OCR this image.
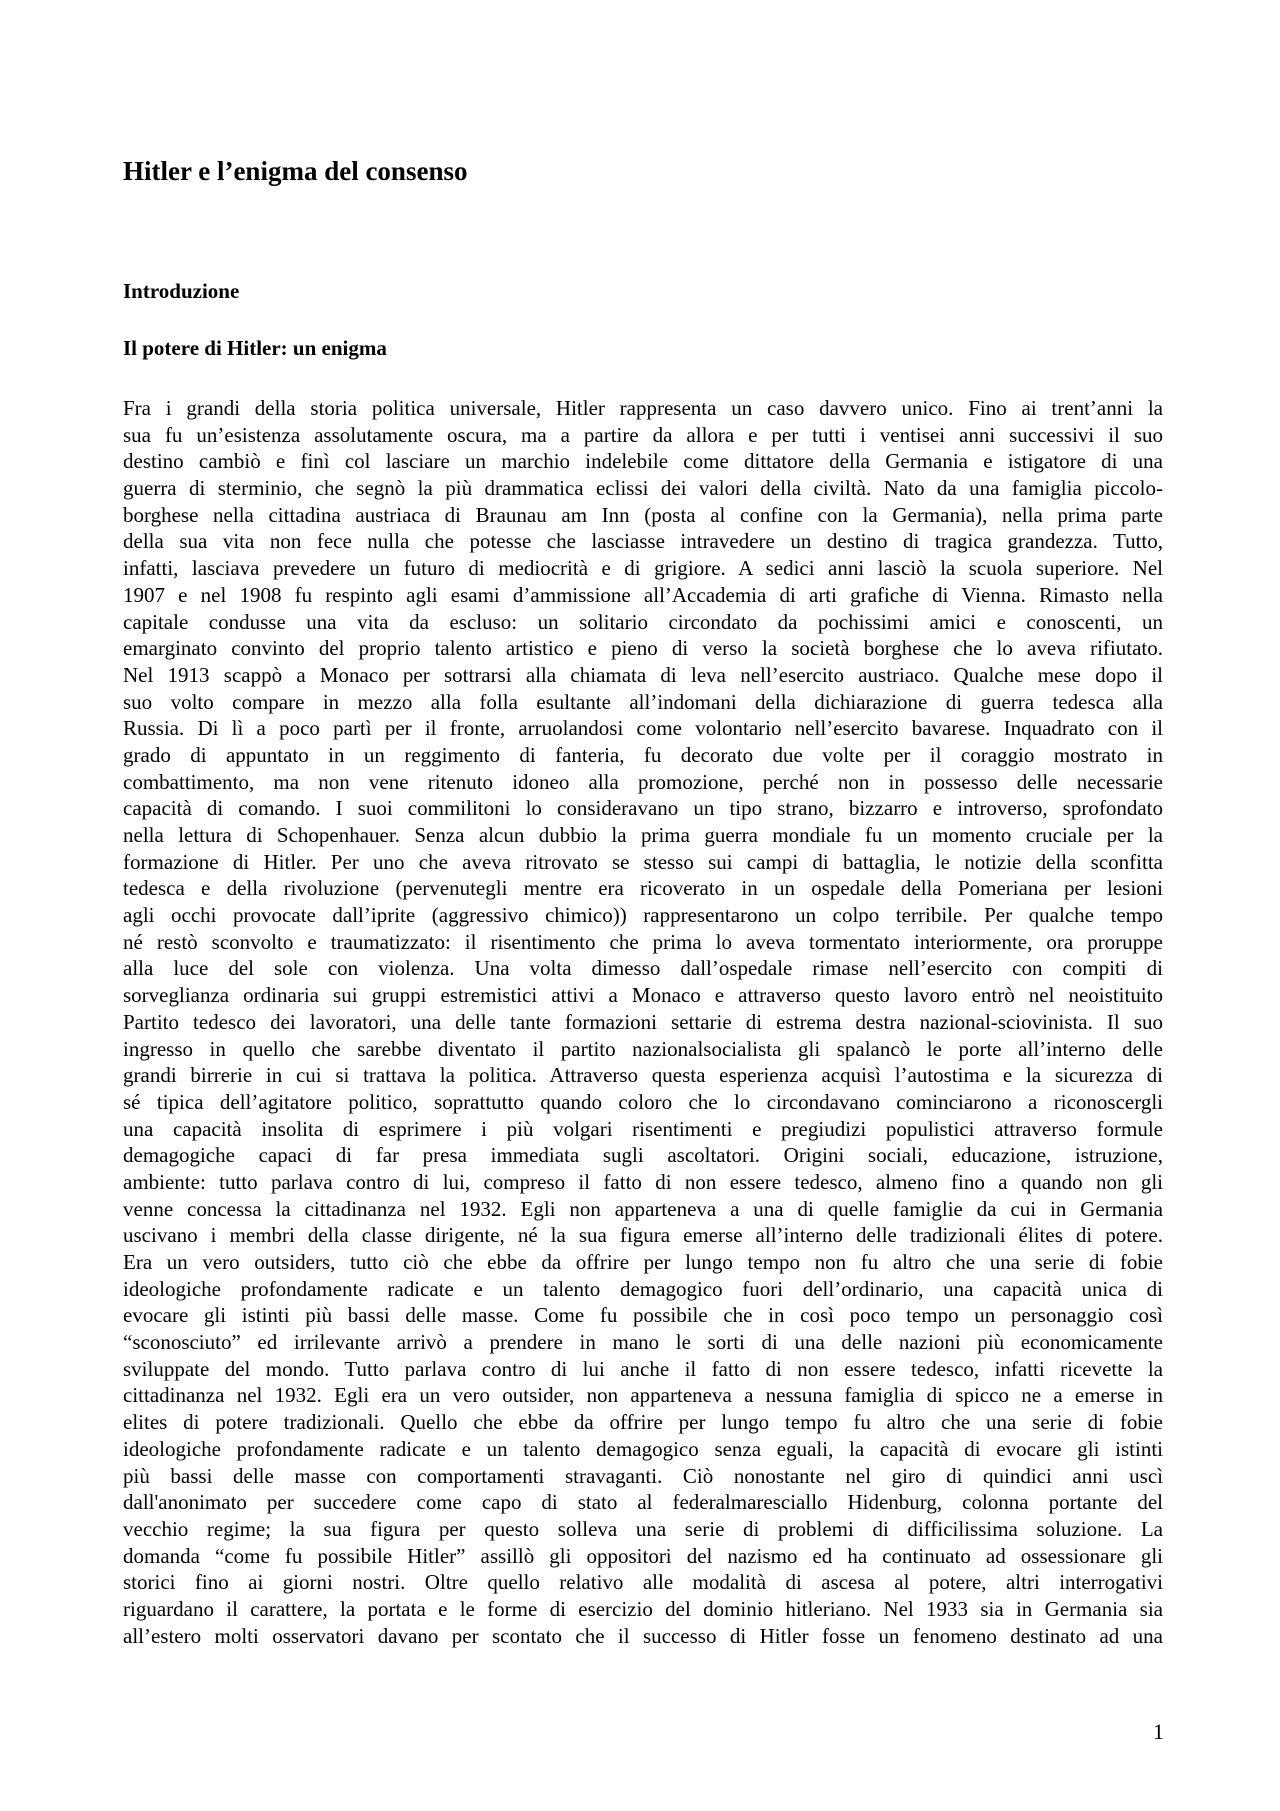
Hitler e l’enigma del consenso
Introduzione
Il potere di Hitler: un enigma
Fra i grandi della storia politica universale, Hitler rappresenta un caso davvero unico. Fino ai trent’anni la
sua fu un’esistenza assolutamente oscura, ma a partire da allora e per tutti i ventisei anni successivi il suo
destino cambiò e finì col lasciare un marchio indelebile come dittatore della Germania e istigatore di una
guerra di sterminio, che segnò la più drammatica eclissi dei valori della civiltà. Nato da una famiglia piccolo-
borghese nella cittadina austriaca di Braunau am Inn (posta al confine con la Germania), nella prima parte
della sua vita non fece nulla che potesse che lasciasse intravedere un destino di tragica grandezza. Tutto,
infatti, lasciava prevedere un futuro di mediocrità e di grigiore. A sedici anni lasciò la scuola superiore. Nel
1907 e nel 1908 fu respinto agli esami d’ammissione all’Accademia di arti grafiche di Vienna. Rimasto nella
capitale condusse una vita da escluso: un solitario circondato da pochissimi amici e conoscenti, un
emarginato convinto del proprio talento artistico e pieno di verso la società borghese che lo aveva rifiutato.
Nel 1913 scappò a Monaco per sottrarsi alla chiamata di leva nell’esercito austriaco. Qualche mese dopo il
suo volto compare in mezzo alla folla esultante all’indomani della dichiarazione di guerra tedesca alla
Russia. Di lì a poco partì per il fronte, arruolandosi come volontario nell’esercito bavarese. Inquadrato con il
grado di appuntato in un reggimento di fanteria, fu decorato due volte per il coraggio mostrato in
combattimento, ma non vene ritenuto idoneo alla promozione, perché non in possesso delle necessarie
capacità di comando. I suoi commilitoni lo consideravano un tipo strano, bizzarro e introverso, sprofondato
nella lettura di Schopenhauer. Senza alcun dubbio la prima guerra mondiale fu un momento cruciale per la
formazione di Hitler. Per uno che aveva ritrovato se stesso sui campi di battaglia, le notizie della sconfitta
tedesca e della rivoluzione (pervenutegli mentre era ricoverato in un ospedale della Pomeriana per lesioni
agli occhi provocate dall’iprite (aggressivo chimico)) rappresentarono un colpo terribile. Per qualche tempo
né restò sconvolto e traumatizzato: il risentimento che prima lo aveva tormentato interiormente, ora proruppe
alla luce del sole con violenza. Una volta dimesso dall’ospedale rimase nell’esercito con compiti di
sorveglianza ordinaria sui gruppi estremistici attivi a Monaco e attraverso questo lavoro entrò nel neoistituito
Partito tedesco dei lavoratori, una delle tante formazioni settarie di estrema destra nazional-sciovinista. Il suo
ingresso in quello che sarebbe diventato il partito nazionalsocialista gli spalancò le porte all’interno delle
grandi birrerie in cui si trattava la politica. Attraverso questa esperienza acquisì l’autostima e la sicurezza di
sé tipica dell’agitatore politico, soprattutto quando coloro che lo circondavano cominciarono a riconoscergli
una capacità insolita di esprimere i più volgari risentimenti e pregiudizi populistici attraverso formule
demagogiche capaci di far presa immediata sugli ascoltatori. Origini sociali, educazione, istruzione,
ambiente: tutto parlava contro di lui, compreso il fatto di non essere tedesco, almeno fino a quando non gli
venne concessa la cittadinanza nel 1932. Egli non apparteneva a una di quelle famiglie da cui in Germania
uscivano i membri della classe dirigente, né la sua figura emerse all’interno delle tradizionali élites di potere.
Era un vero outsiders, tutto ciò che ebbe da offrire per lungo tempo non fu altro che una serie di fobie
ideologiche profondamente radicate e un talento demagogico fuori dell’ordinario, una capacità unica di
evocare gli istinti più bassi delle masse. Come fu possibile che in così poco tempo un personaggio così
“sconosciuto” ed irrilevante arrivò a prendere in mano le sorti di una delle nazioni più economicamente
sviluppate del mondo. Tutto parlava contro di lui anche il fatto di non essere tedesco, infatti ricevette la
cittadinanza nel 1932. Egli era un vero outsider, non apparteneva a nessuna famiglia di spicco ne a emerse in
elites di potere tradizionali. Quello che ebbe da offrire per lungo tempo fu altro che una serie di fobie
ideologiche profondamente radicate e un talento demagogico senza eguali, la capacità di evocare gli istinti
più bassi delle masse con comportamenti stravaganti. Ciò nonostante nel giro di quindici anni uscì
dall'anonimato per succedere come capo di stato al federalmaresciallo Hidenburg, colonna portante del
vecchio regime; la sua figura per questo solleva una serie di problemi di difficilissima soluzione. La
domanda “come fu possibile Hitler” assillò gli oppositori del nazismo ed ha continuato ad ossessionare gli
storici fino ai giorni nostri. Oltre quello relativo alle modalità di ascesa al potere, altri interrogativi
riguardano il carattere, la portata e le forme di esercizio del dominio hitleriano. Nel 1933 sia in Germania sia
all’estero molti osservatori davano per scontato che il successo di Hitler fosse un fenomeno destinato ad una
1
